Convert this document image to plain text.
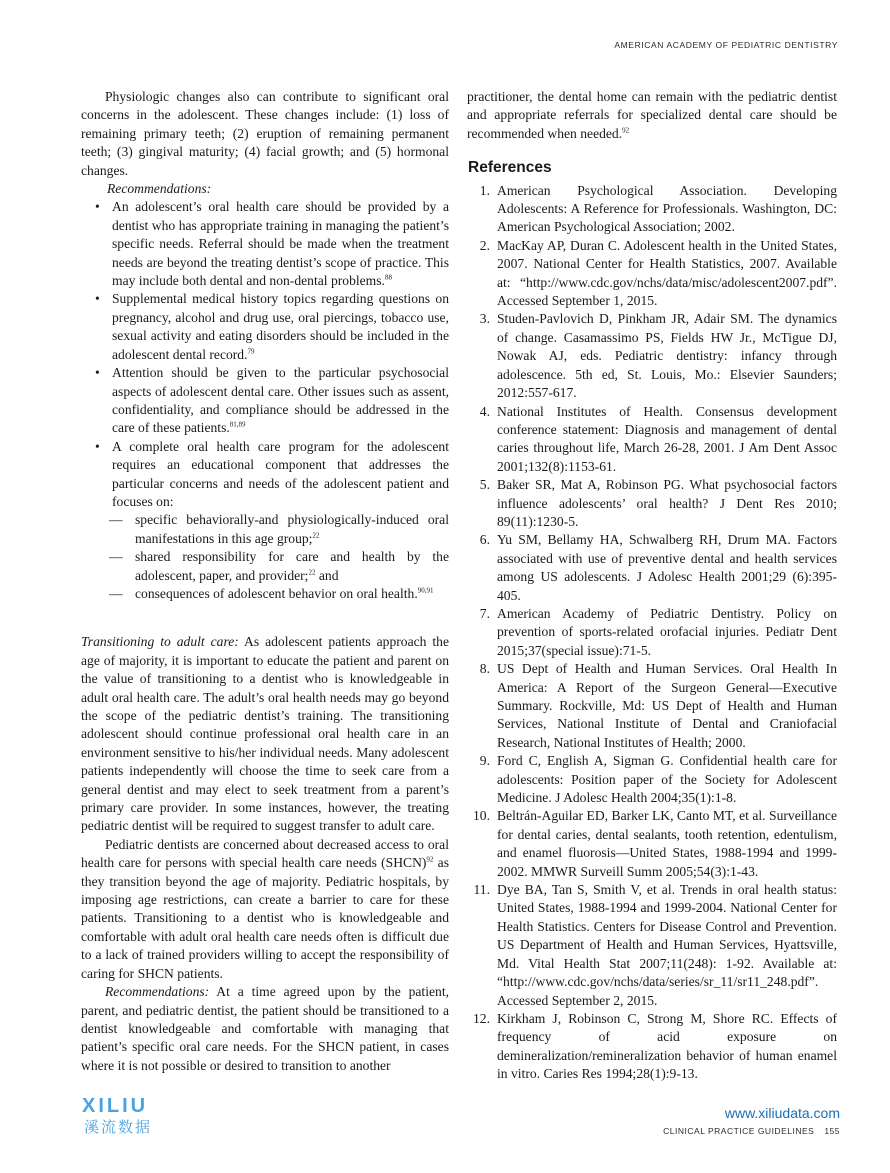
AMERICAN ACADEMY OF PEDIATRIC DENTISTRY

Physiologic changes also can contribute to significant oral concerns in the adolescent. These changes include: (1) loss of remaining primary teeth; (2) eruption of remaining permanent teeth; (3) gingival maturity; (4) facial growth; and (5) hormonal changes.

Recommendations:
• An adolescent’s oral health care should be provided by a dentist who has appropriate training in managing the patient’s specific needs. Referral should be made when the treatment needs are beyond the treating dentist’s scope of practice. This may include both dental and non-dental problems.$^{88}$
• Supplemental medical history topics regarding questions on pregnancy, alcohol and drug use, oral piercings, tobacco use, sexual activity and eating disorders should be included in the adolescent dental record.$^{79}$
• Attention should be given to the particular psychosocial aspects of adolescent dental care. Other issues such as assent, confidentiality, and compliance should be addressed in the care of these patients.$^{81,89}$
• A complete oral health care program for the adolescent requires an educational component that addresses the particular concerns and needs of the adolescent patient and focuses on:
— specific behaviorally-and physiologically-induced oral manifestations in this age group;$^{22}$
— shared responsibility for care and health by the adolescent, paper, and provider;$^{22}$ and
— consequences of adolescent behavior on oral health.$^{90,91}$

Transitioning to adult care: As adolescent patients approach the age of majority, it is important to educate the patient and parent on the value of transitioning to a dentist who is knowledgeable in adult oral health care. The adult’s oral health needs may go beyond the scope of the pediatric dentist’s training. The transitioning adolescent should continue professional oral health care in an environment sensitive to his/her individual needs. Many adolescent patients independently will choose the time to seek care from a general dentist and may elect to seek treatment from a parent’s primary care provider. In some instances, however, the treating pediatric dentist will be required to suggest transfer to adult care.

Pediatric dentists are concerned about decreased access to oral health care for persons with special health care needs (SHCN)$^{92}$ as they transition beyond the age of majority. Pediatric hospitals, by imposing age restrictions, can create a barrier to care for these patients. Transitioning to a dentist who is knowledgeable and comfortable with adult oral health care needs often is difficult due to a lack of trained providers willing to accept the responsibility of caring for SHCN patients.

Recommendations: At a time agreed upon by the patient, parent, and pediatric dentist, the patient should be transitioned to a dentist knowledgeable and comfortable with managing that patient’s specific oral care needs. For the SHCN patient, in cases where it is not possible or desired to transition to another

practitioner, the dental home can remain with the pediatric dentist and appropriate referrals for specialized dental care should be recommended when needed.$^{92}$

References
1. American Psychological Association. Developing Adolescents: A Reference for Professionals. Washington, DC: American Psychological Association; 2002.
2. MacKay AP, Duran C. Adolescent health in the United States, 2007. National Center for Health Statistics, 2007. Available at: “http://www.cdc.gov/nchs/data/misc/adolescent2007.pdf”. Accessed September 1, 2015.
3. Studen-Pavlovich D, Pinkham JR, Adair SM. The dynamics of change. Casamassimo PS, Fields HW Jr., McTigue DJ, Nowak AJ, eds. Pediatric dentistry: infancy through adolescence. 5th ed, St. Louis, Mo.: Elsevier Saunders; 2012:557-617.
4. National Institutes of Health. Consensus development conference statement: Diagnosis and management of dental caries throughout life, March 26-28, 2001. J Am Dent Assoc 2001;132(8):1153-61.
5. Baker SR, Mat A, Robinson PG. What psychosocial factors influence adolescents’ oral health? J Dent Res 2010; 89(11):1230-5.
6. Yu SM, Bellamy HA, Schwalberg RH, Drum MA. Factors associated with use of preventive dental and health services among US adolescents. J Adolesc Health 2001;29 (6):395-405.
7. American Academy of Pediatric Dentistry. Policy on prevention of sports-related orofacial injuries. Pediatr Dent 2015;37(special issue):71-5.
8. US Dept of Health and Human Services. Oral Health In America: A Report of the Surgeon General—Executive Summary. Rockville, Md: US Dept of Health and Human Services, National Institute of Dental and Craniofacial Research, National Institutes of Health; 2000.
9. Ford C, English A, Sigman G. Confidential health care for adolescents: Position paper of the Society for Adolescent Medicine. J Adolesc Health 2004;35(1):1-8.
10. Beltrán-Aguilar ED, Barker LK, Canto MT, et al. Surveillance for dental caries, dental sealants, tooth retention, edentulism, and enamel fluorosis—United States, 1988-1994 and 1999-2002. MMWR Surveill Summ 2005;54(3):1-43.
11. Dye BA, Tan S, Smith V, et al. Trends in oral health status: United States, 1988-1994 and 1999-2004. National Center for Health Statistics. Centers for Disease Control and Prevention. US Department of Health and Human Services, Hyattsville, Md. Vital Health Stat 2007;11(248): 1-92. Available at: “http://www.cdc.gov/nchs/data/series/sr_11/sr11_248.pdf”. Accessed September 2, 2015.
12. Kirkham J, Robinson C, Strong M, Shore RC. Effects of frequency of acid exposure on demineralization/remineralization behavior of human enamel in vitro. Caries Res 1994;28(1):9-13.
XILIU
溪流数据
www.xiliudata.com
CLINICAL PRACTICE GUIDELINES 155
